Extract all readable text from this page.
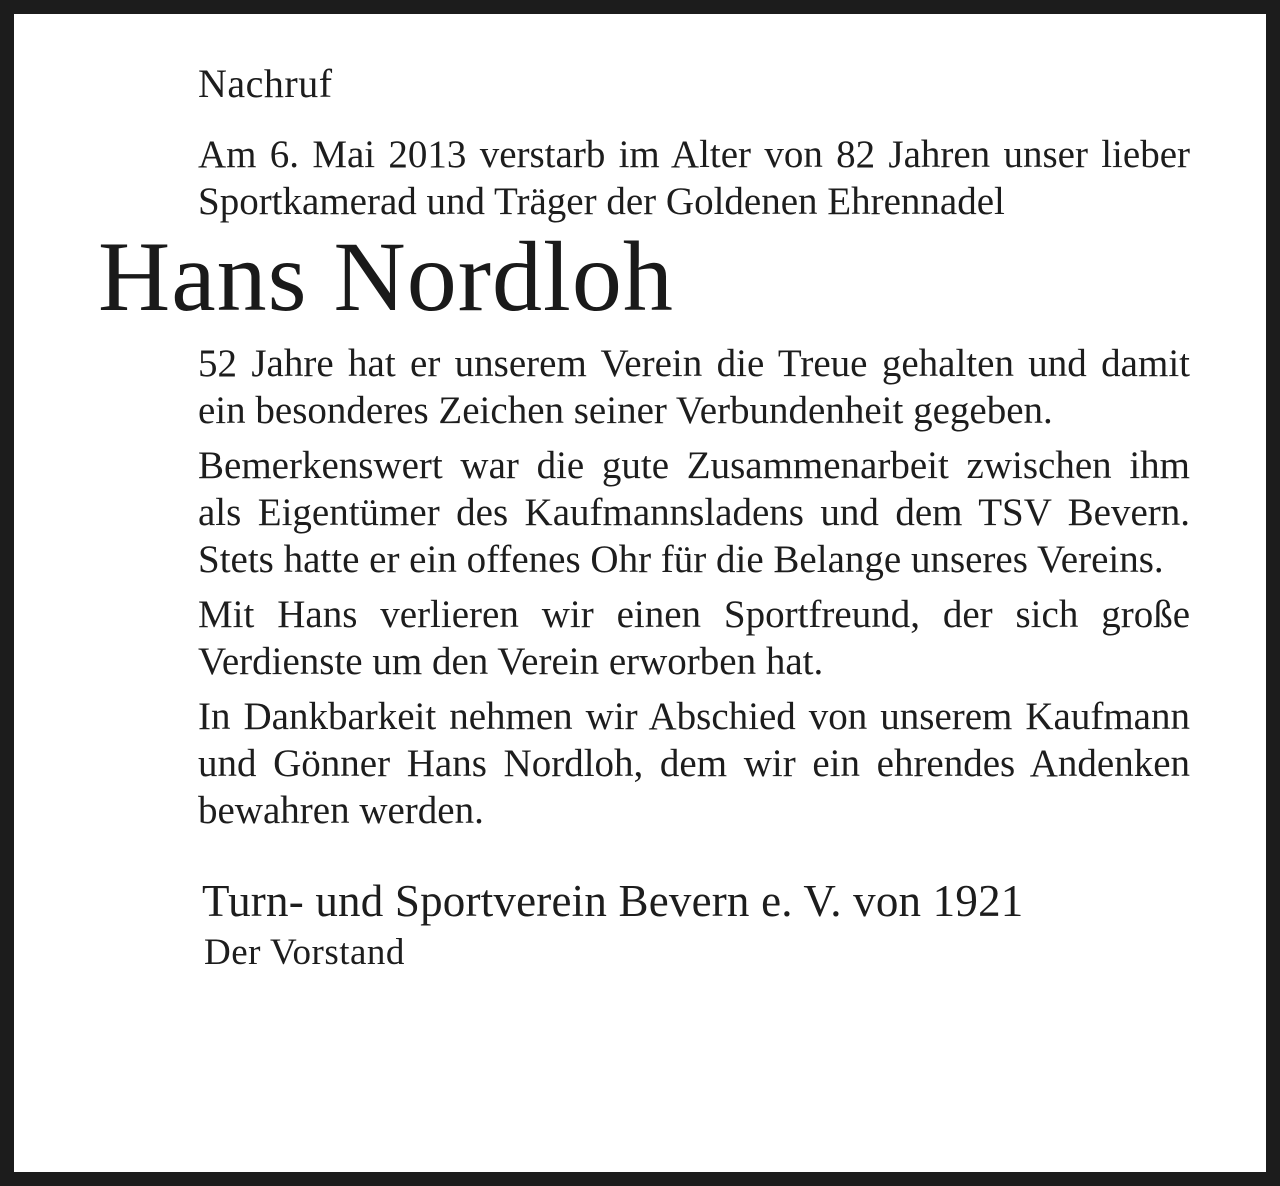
Nachruf

Am 6. Mai 2013 verstarb im Alter von 82 Jahren unser lieber Sportkamerad und Träger der Goldenen Ehrennadel

Hans Nordloh

52 Jahre hat er unserem Verein die Treue gehalten und damit ein besonderes Zeichen seiner Verbundenheit gegeben.

Bemerkenswert war die gute Zusammenarbeit zwischen ihm als Eigentümer des Kaufmannsladens und dem TSV Bevern. Stets hatte er ein offenes Ohr für die Belange unseres Vereins.

Mit Hans verlieren wir einen Sportfreund, der sich große Verdienste um den Verein erworben hat.

In Dankbarkeit nehmen wir Abschied von unserem Kaufmann und Gönner Hans Nordloh, dem wir ein ehrendes Andenken bewahren werden.

Turn- und Sportverein Bevern e. V. von 1921

Der Vorstand
